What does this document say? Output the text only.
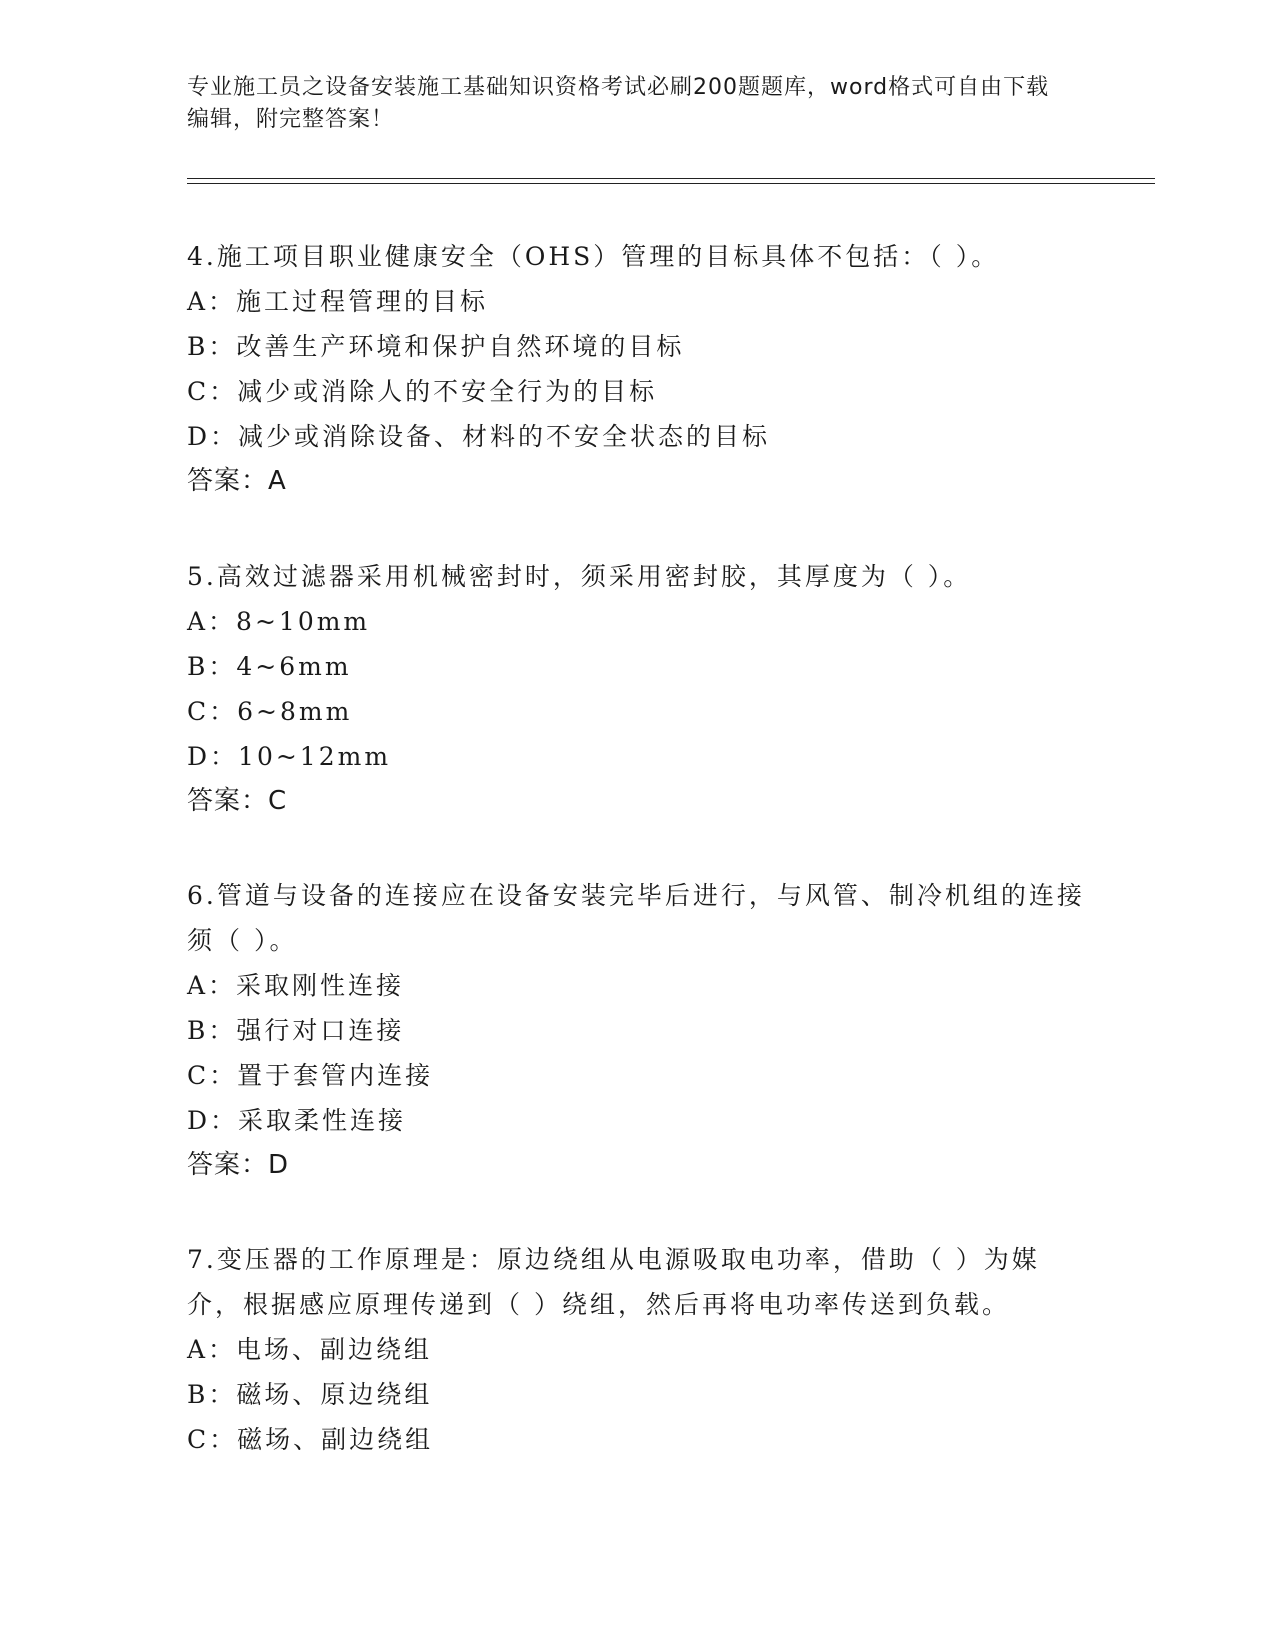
专业施工员之设备安装施工基础知识资格考试必刷200题题库，word格式可自由下载编辑，附完整答案！
4.施工项目职业健康安全（OHS）管理的目标具体不包括：（ ）。
A：施工过程管理的目标
B：改善生产环境和保护自然环境的目标
C：减少或消除人的不安全行为的目标
D：减少或消除设备、材料的不安全状态的目标
答案：A
5.高效过滤器采用机械密封时，须采用密封胶，其厚度为（ ）。
A：8~10mm
B：4~6mm
C：6~8mm
D：10~12mm
答案：C
6.管道与设备的连接应在设备安装完毕后进行，与风管、制冷机组的连接须（ ）。
A：采取刚性连接
B：强行对口连接
C：置于套管内连接
D：采取柔性连接
答案：D
7.变压器的工作原理是：原边绕组从电源吸取电功率，借助（ ）为媒介，根据感应原理传递到（ ）绕组，然后再将电功率传送到负载。
A：电场、副边绕组
B：磁场、原边绕组
C：磁场、副边绕组
